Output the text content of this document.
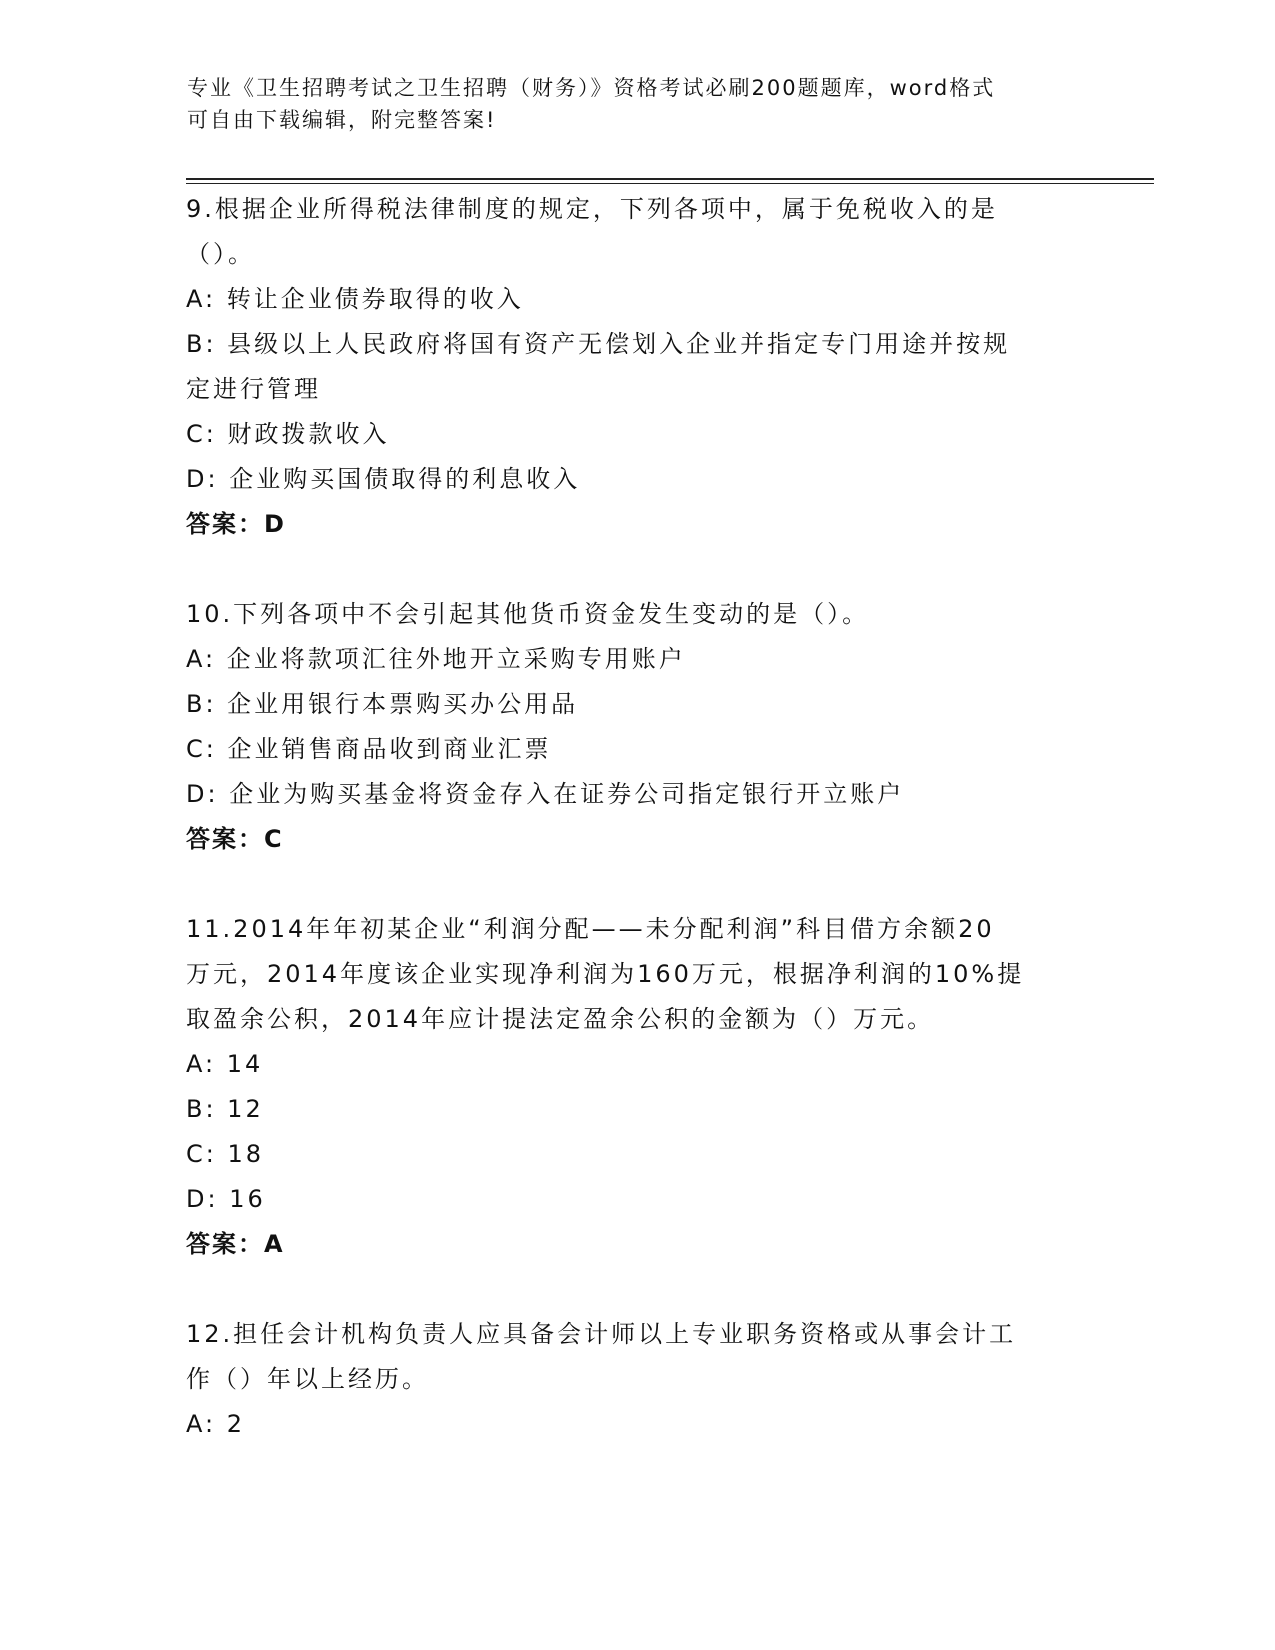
专业《卫生招聘考试之卫生招聘（财务）》资格考试必刷200题题库，word格式

可自由下载编辑，附完整答案!

9.根据企业所得税法律制度的规定，下列各项中，属于免税收入的是

（）。

A: 转让企业债券取得的收入

B: 县级以上人民政府将国有资产无偿划入企业并指定专门用途并按规

定进行管理

C: 财政拨款收入

D: 企业购买国债取得的利息收入

答案：D

10.下列各项中不会引起其他货币资金发生变动的是（）。

A: 企业将款项汇往外地开立采购专用账户

B: 企业用银行本票购买办公用品

C: 企业销售商品收到商业汇票

D: 企业为购买基金将资金存入在证券公司指定银行开立账户

答案：C

11.2014年年初某企业“利润分配——未分配利润”科目借方余额20

万元，2014年度该企业实现净利润为160万元，根据净利润的10%提

取盈余公积，2014年应计提法定盈余公积的金额为（）万元。

A: 14

B: 12

C: 18

D: 16

答案：A

12.担任会计机构负责人应具备会计师以上专业职务资格或从事会计工

作（）年以上经历。

A: 2
